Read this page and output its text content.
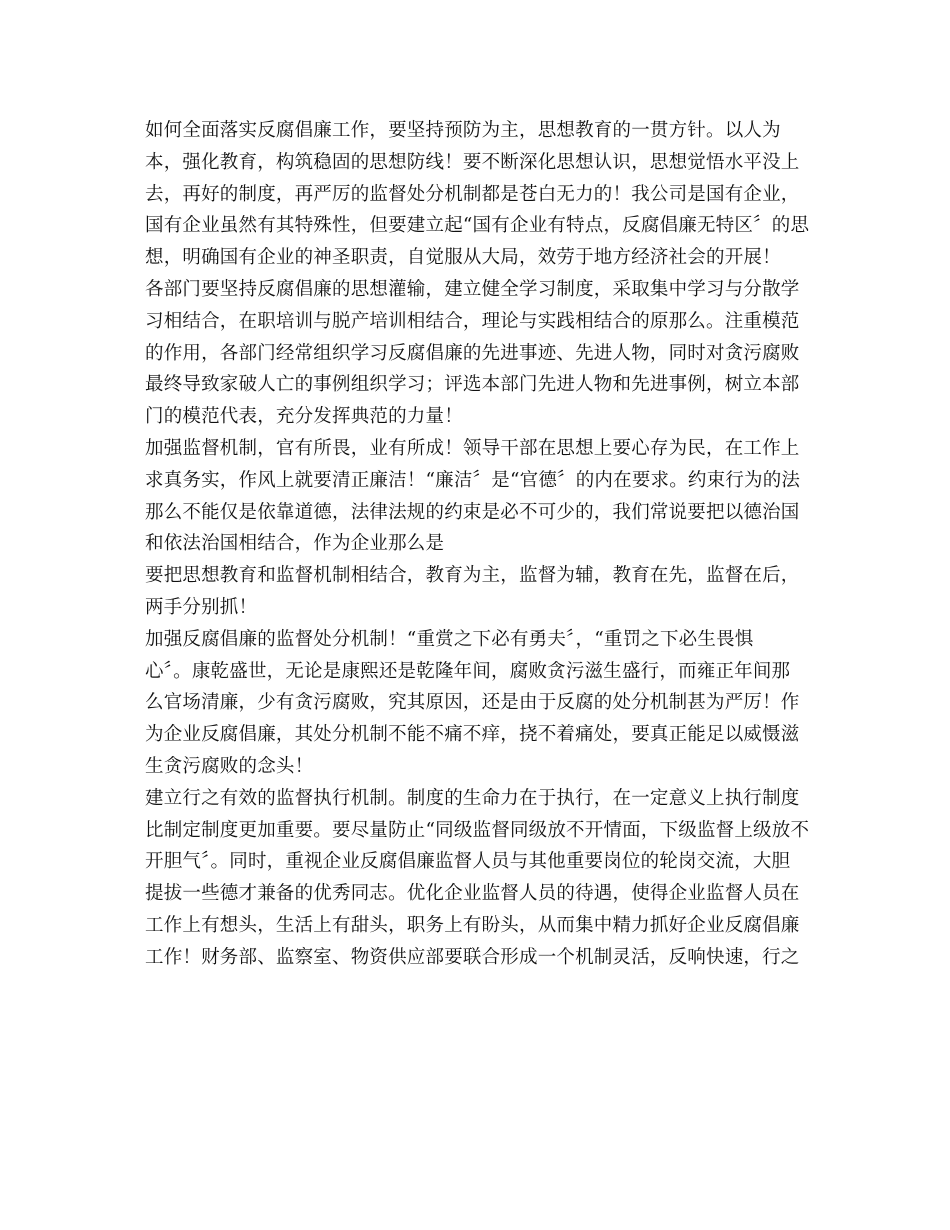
如何全面落实反腐倡廉工作，要坚持预防为主，思想教育的一贯方针。以人为
本，强化教育，构筑稳固的思想防线！要不断深化思想认识，思想觉悟水平没上
去，再好的制度，再严厉的监督处分机制都是苍白无力的！我公司是国有企业，
国有企业虽然有其特殊性，但要建立起“国有企业有特点，反腐倡廉无特区〞的思
想，明确国有企业的神圣职责，自觉服从大局，效劳于地方经济社会的开展！
各部门要坚持反腐倡廉的思想灌输，建立健全学习制度，采取集中学习与分散学
习相结合，在职培训与脱产培训相结合，理论与实践相结合的原那么。注重模范
的作用，各部门经常组织学习反腐倡廉的先进事迹、先进人物，同时对贪污腐败
最终导致家破人亡的事例组织学习；评选本部门先进人物和先进事例，树立本部
门的模范代表，充分发挥典范的力量！
加强监督机制，官有所畏，业有所成！领导干部在思想上要心存为民，在工作上
求真务实，作风上就要清正廉洁！“廉洁〞是“官德〞的内在要求。约束行为的法
那么不能仅是依靠道德，法律法规的约束是必不可少的，我们常说要把以德治国
和依法治国相结合，作为企业那么是
要把思想教育和监督机制相结合，教育为主，监督为辅，教育在先，监督在后，
两手分别抓！
加强反腐倡廉的监督处分机制！“重赏之下必有勇夫〞，“重罚之下必生畏惧
心〞。康乾盛世，无论是康熙还是乾隆年间，腐败贪污滋生盛行，而雍正年间那
么官场清廉，少有贪污腐败，究其原因，还是由于反腐的处分机制甚为严厉！作
为企业反腐倡廉，其处分机制不能不痛不痒，挠不着痛处，要真正能足以威慑滋
生贪污腐败的念头！
建立行之有效的监督执行机制。制度的生命力在于执行，在一定意义上执行制度
比制定制度更加重要。要尽量防止“同级监督同级放不开情面，下级监督上级放不
开胆气〞。同时，重视企业反腐倡廉监督人员与其他重要岗位的轮岗交流，大胆
提拔一些德才兼备的优秀同志。优化企业监督人员的待遇，使得企业监督人员在
工作上有想头，生活上有甜头，职务上有盼头，从而集中精力抓好企业反腐倡廉
工作！财务部、监察室、物资供应部要联合形成一个机制灵活，反响快速，行之
